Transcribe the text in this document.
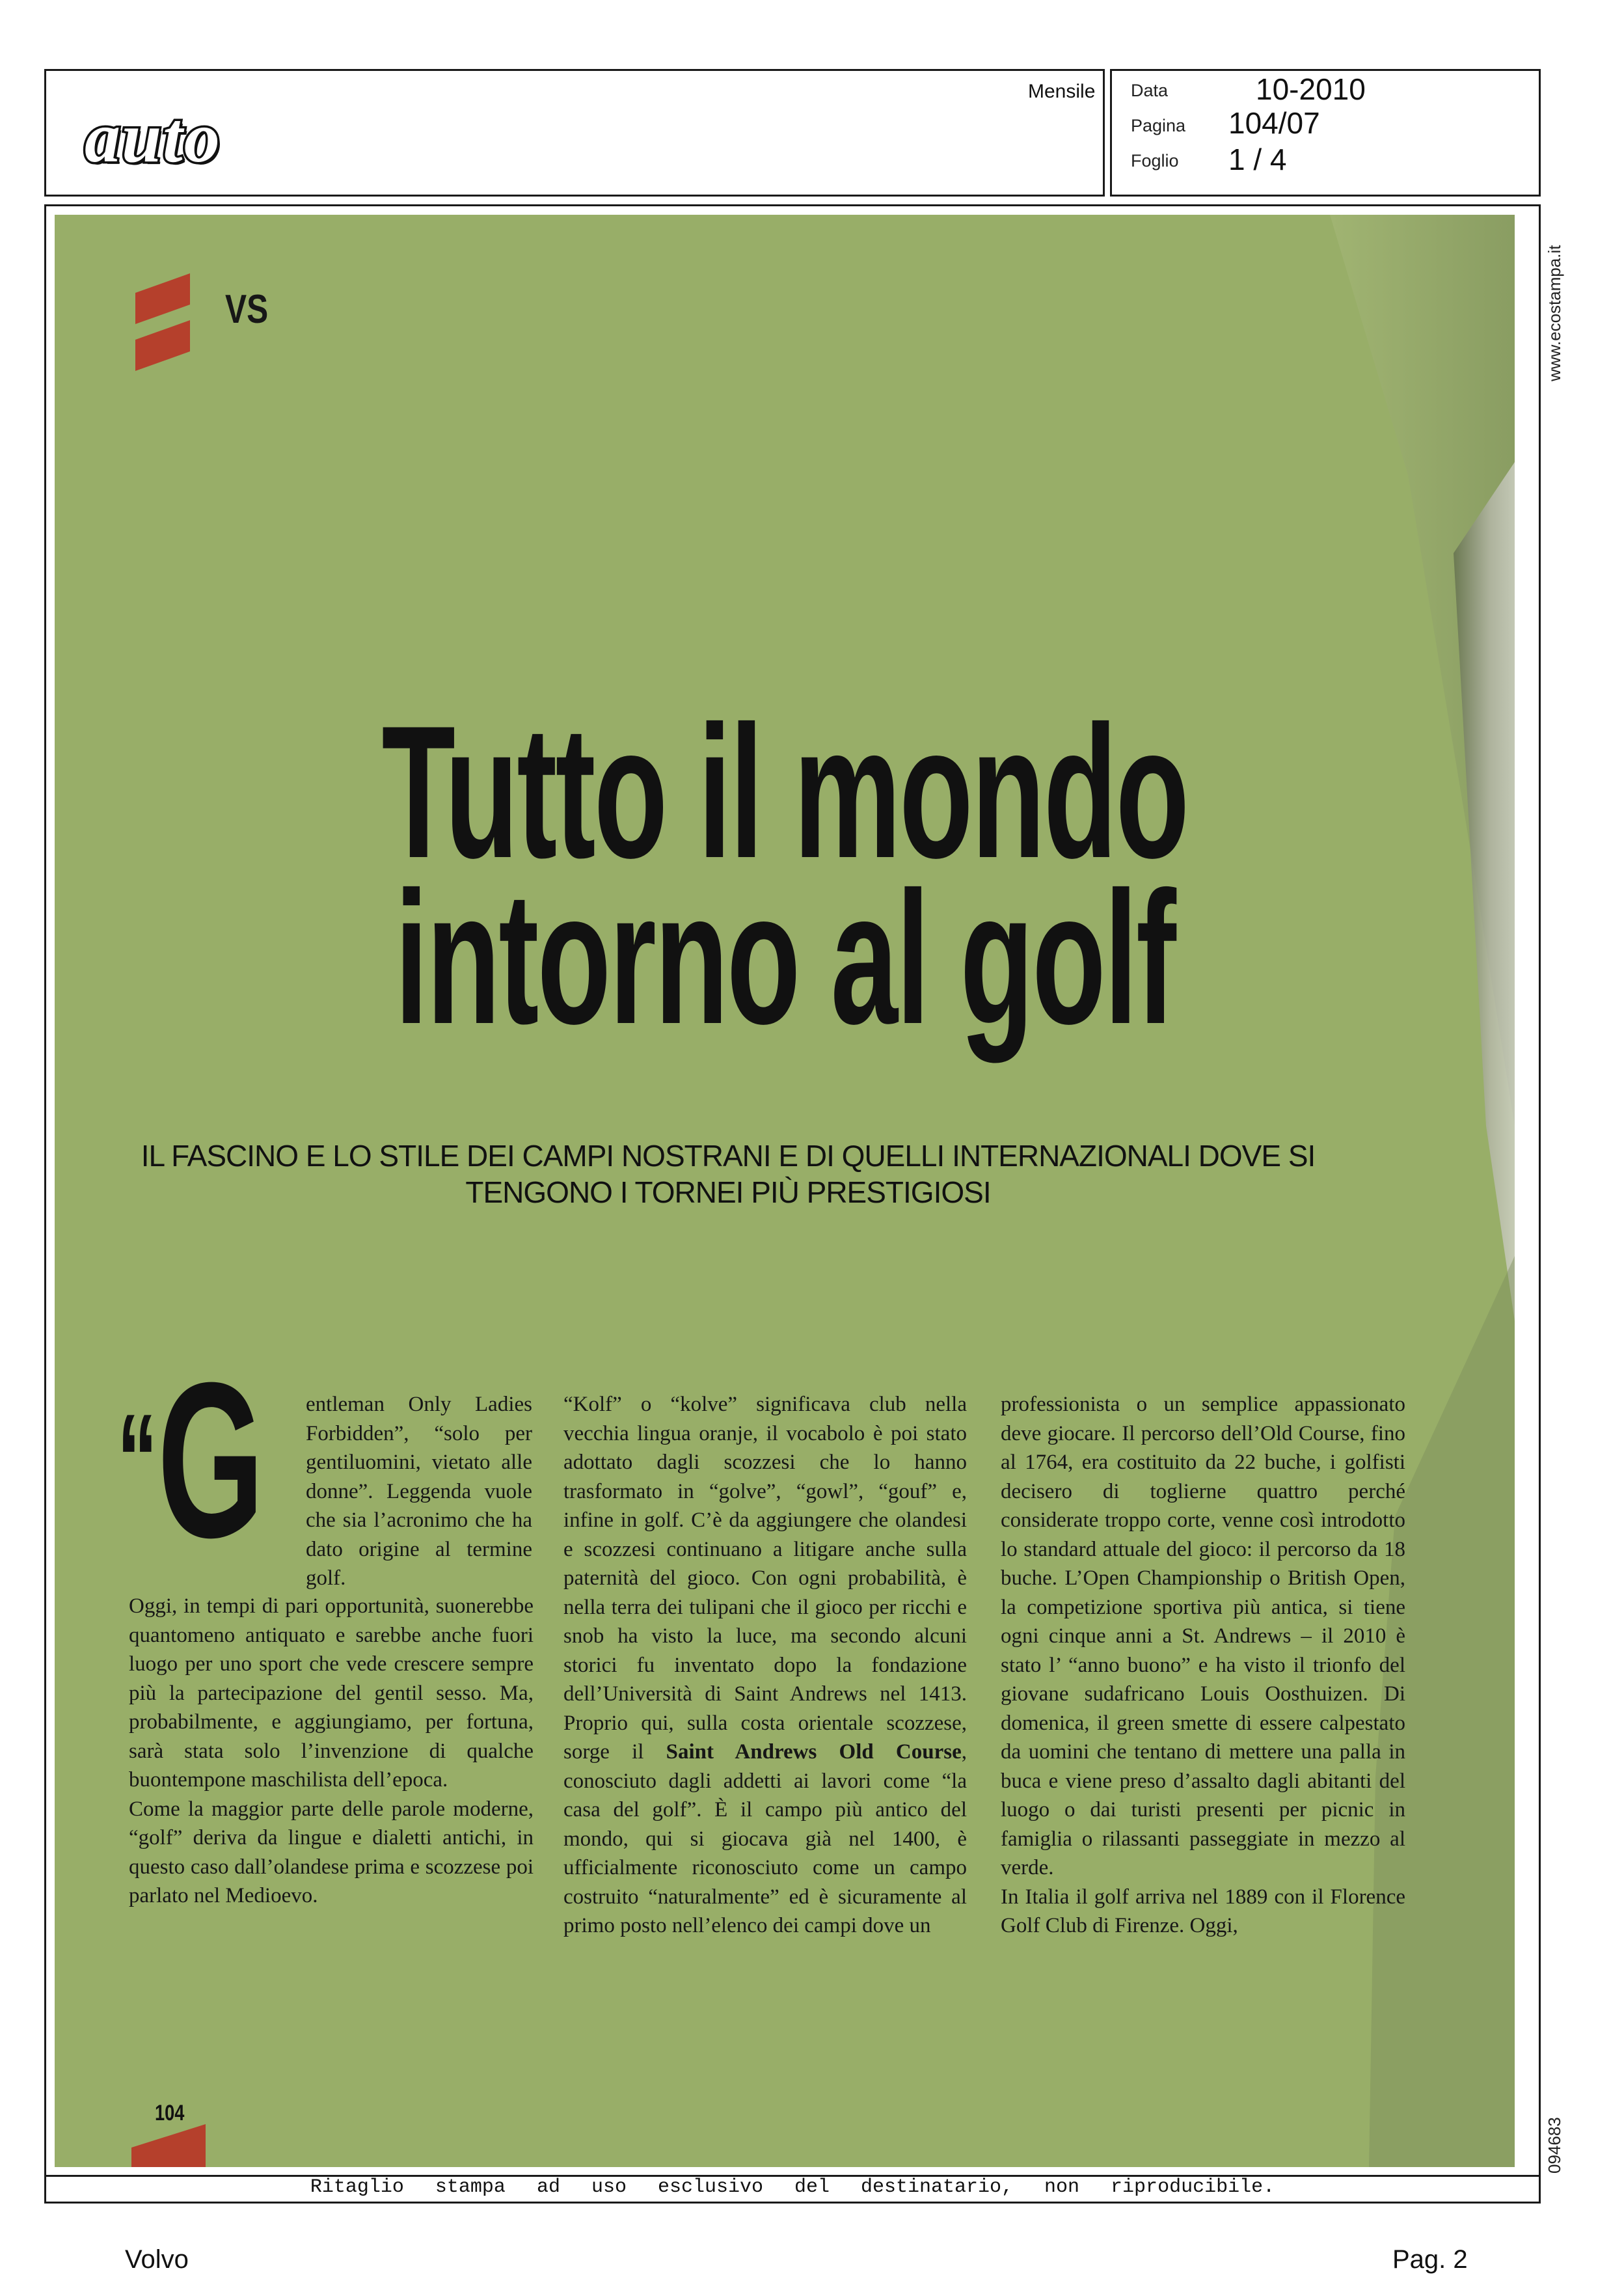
auto
Mensile Data	10-2010
Pagina 104/07
Foglio 1 / 4
www.ecostampa.it
094683
VS
Tutto il mondo
intorno al golf
IL FASCINO E LO STILE DEI CAMPI NOSTRANI E DI QUELLI INTERNAZIONALI DOVE SI
TENGONO I TORNEI PIÙ PRESTIGIOSI
“G entleman Only Ladies Forbidden”, “solo per gentiluomini, vietato alle donne”. Leggenda vuole che sia l’acronimo che ha dato origine al termine golf.

Oggi, in tempi di pari opportunità, suonerebbe quantomeno antiquato e sarebbe anche fuori luogo per uno sport che vede crescere sempre più la partecipazione del gentil sesso. Ma, probabilmente, e aggiungiamo, per fortuna, sarà stata solo l’invenzione di qualche buontempone maschilista dell’epoca.

Come la maggior parte delle parole moderne, “golf” deriva da lingue e dialetti antichi, in questo caso dall’olandese prima e scozzese poi parlato nel Medioevo.

“Kolf” o “kolve” significava club nella vecchia lingua oranje, il vocabolo è poi stato adottato dagli scozzesi che lo hanno trasformato in “golve”, “gowl”, “gouf” e, infine in golf. C’è da aggiungere che olandesi e scozzesi continuano a litigare anche sulla paternità del gioco. Con ogni probabilità, è nella terra dei tulipani che il gioco per ricchi e snob ha visto la luce, ma secondo alcuni storici fu inventato dopo la fondazione dell’Università di Saint Andrews nel 1413. Proprio qui, sulla costa orientale scozzese, sorge il Saint Andrews Old Course, conosciuto dagli addetti ai lavori come “la casa del golf”. È il campo più antico del mondo, qui si giocava già nel 1400, è ufficialmente riconosciuto come un campo costruito “naturalmente” ed è sicuramente al primo posto nell’elenco dei campi dove un

professionista o un semplice appassionato deve giocare. Il percorso dell’Old Course, fino al 1764, era costituito da 22 buche, i golfisti decisero di toglierne quattro perché considerate troppo corte, venne così introdotto lo standard attuale del gioco: il percorso da 18 buche. L’Open Championship o British Open, la competizione sportiva più antica, si tiene ogni cinque anni a St. Andrews – il 2010 è stato l’ “anno buono” e ha visto il trionfo del giovane sudafricano Louis Oosthuizen. Di domenica, il green smette di essere calpestato da uomini che tentano di mettere una palla in buca e viene preso d’assalto dagli abitanti del luogo o dai turisti presenti per picnic in famiglia o rilassanti passeggiate in mezzo al verde.

In Italia il golf arriva nel 1889 con il Florence Golf Club di Firenze. Oggi,

104
Ritaglio stampa ad uso esclusivo del destinatario, non riproducibile.
Volvo	Pag. 2
